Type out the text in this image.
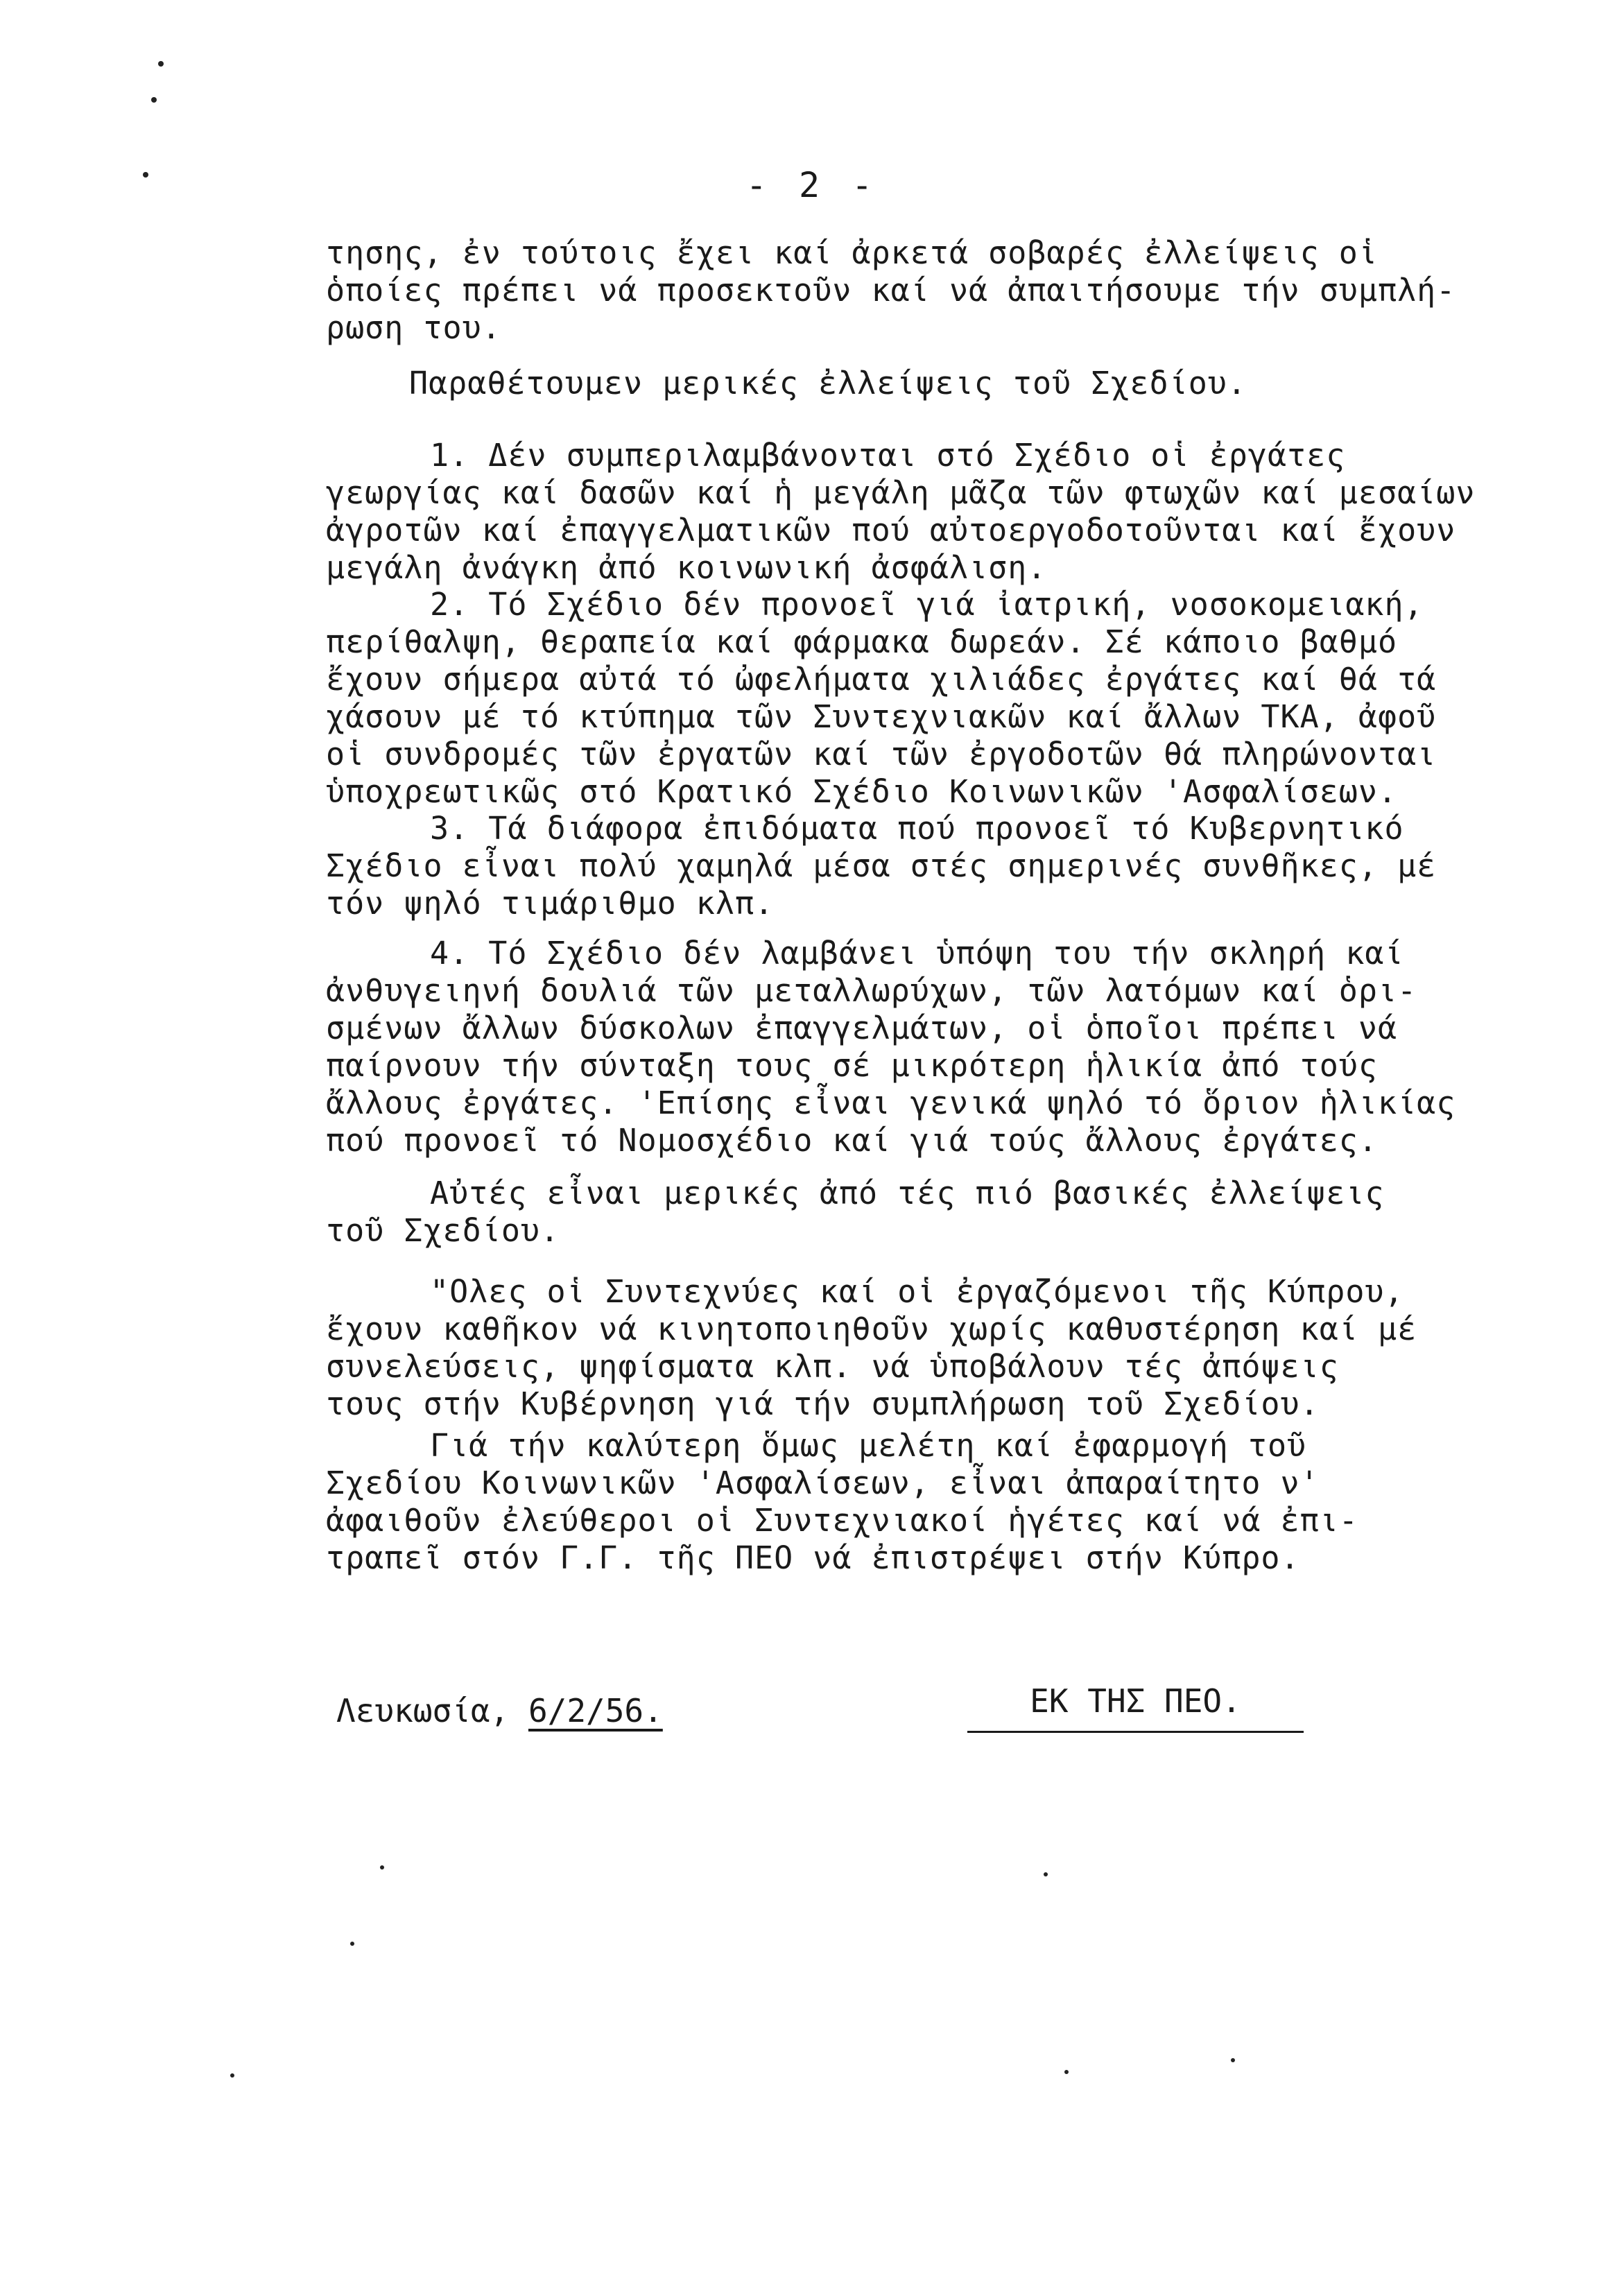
- 2 -
τησης, ἐν τούτοις ἔχει καί ἀρκετά σοβαρές ἐλλείψεις οἱ
ὁποίες πρέπει νά προσεκτοῦν καί νά ἀπαιτήσουμε τήν συμπλή-
ρωση του.
Παραθέτουμεν μερικές ἐλλείψεις τοῦ Σχεδίου.
1. Δέν συμπεριλαμβάνονται στό Σχέδιο οἱ ἐργάτες
γεωργίας καί δασῶν καί ἡ μεγάλη μᾶζα τῶν φτωχῶν καί μεσαίων
ἀγροτῶν καί ἐπαγγελματικῶν πού αὐτοεργοδοτοῦνται καί ἔχουν
μεγάλη ἀνάγκη ἀπό κοινωνική ἀσφάλιση.
2. Τό Σχέδιο δέν προνοεῖ γιά ἰατρική, νοσοκομειακή,
περίθαλψη, θεραπεία καί φάρμακα δωρεάν. Σέ κάποιο βαθμό
ἔχουν σήμερα αὐτά τό ὠφελήματα χιλιάδες ἐργάτες καί θά τά
χάσουν μέ τό κτύπημα τῶν Συντεχνιακῶν καί ἄλλων ΤΚΑ, ἀφοῦ
οἱ συνδρομές τῶν ἐργατῶν καί τῶν ἐργοδοτῶν θά πληρώνονται
ὑποχρεωτικῶς στό Κρατικό Σχέδιο Κοινωνικῶν 'Ασφαλίσεων.
3. Τά διάφορα ἐπιδόματα πού προνοεῖ τό Κυβερνητικό
Σχέδιο εἶναι πολύ χαμηλά μέσα στές σημερινές συνθῆκες, μέ
τόν ψηλό τιμάριθμο κλπ.
4. Τό Σχέδιο δέν λαμβάνει ὑπόψη του τήν σκληρή καί
ἀνθυγειηνή δουλιά τῶν μεταλλωρύχων, τῶν λατόμων καί ὁρι-
σμένων ἄλλων δύσκολων ἐπαγγελμάτων, οἱ ὁποῖοι πρέπει νά
παίρνουν τήν σύνταξη τους σέ μικρότερη ἡλικία ἀπό τούς
ἄλλους ἐργάτες. 'Επίσης εἶναι γενικά ψηλό τό ὅριον ἡλικίας
πού προνοεῖ τό Νομοσχέδιο καί γιά τούς ἄλλους ἐργάτες.
Αὐτές εἶναι μερικές ἀπό τές πιό βασικές ἐλλείψεις
τοῦ Σχεδίου.
"Ολες οἱ Συντεχνύες καί οἱ ἐργαζόμενοι τῆς Κύπρου,
ἔχουν καθῆκον νά κινητοποιηθοῦν χωρίς καθυστέρηση καί μέ
συνελεύσεις, ψηφίσματα κλπ. νά ὑποβάλουν τές ἀπόψεις
τους στήν Κυβέρνηση γιά τήν συμπλήρωση τοῦ Σχεδίου.
Γιά τήν καλύτερη ὅμως μελέτη καί ἐφαρμογή τοῦ
Σχεδίου Κοινωνικῶν 'Ασφαλίσεων, εἶναι ἀπαραίτητο ν'
ἀφαιθοῦν ἐλεύθεροι οἱ Συντεχνιακοί ἡγέτες καί νά ἐπι-
τραπεῖ στόν Γ.Γ. τῆς ΠΕΟ νά ἐπιστρέψει στήν Κύπρο.
Λευκωσία, 6/2/56.	ΕΚ ΤΗΣ ΠΕΟ.
